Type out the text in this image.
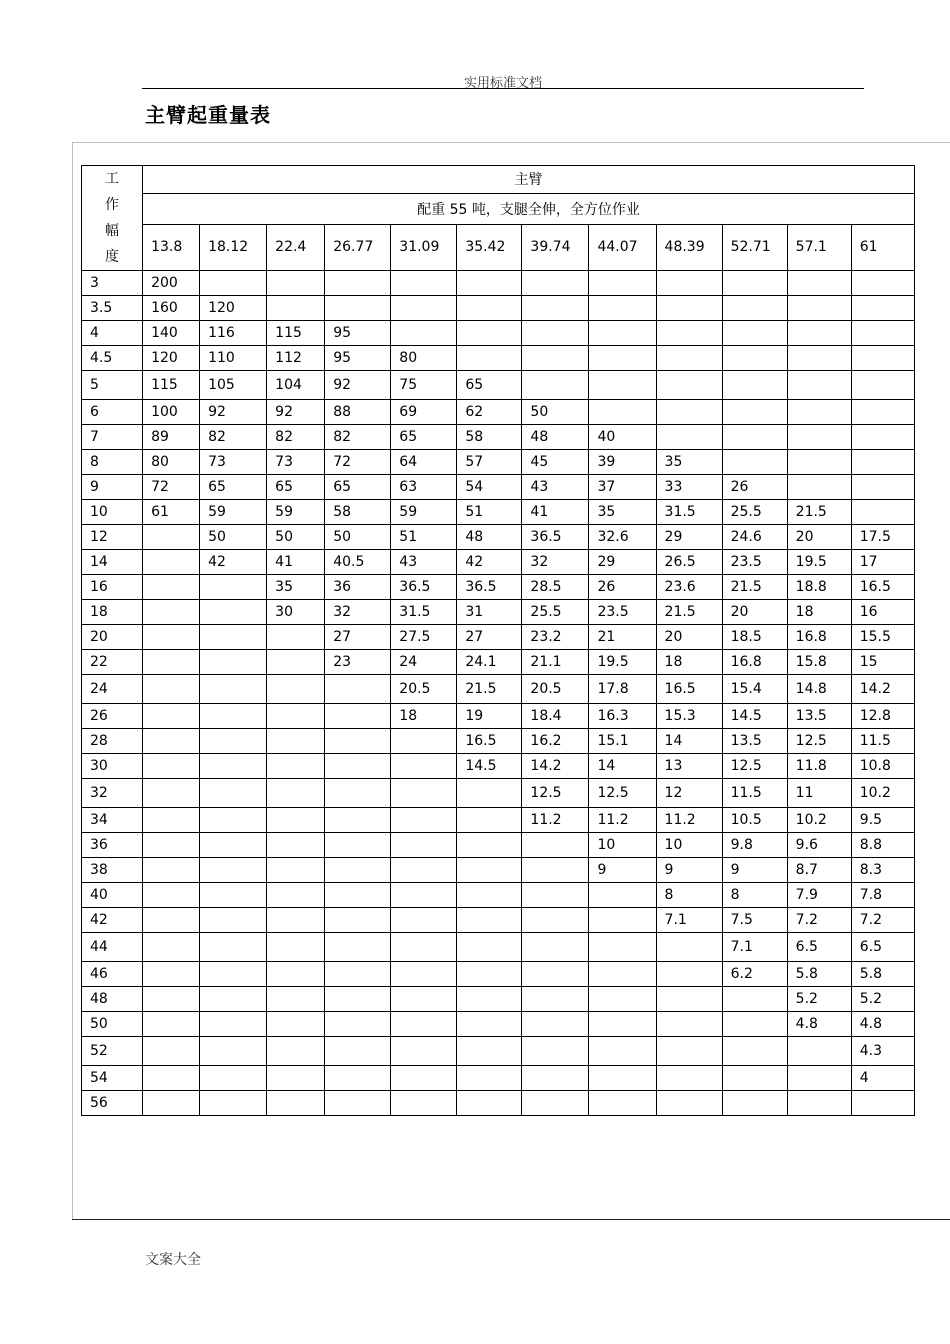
实用标准文档
主臂起重量表
工
作
幅
度	主臂											
	配重 55 吨，支腿全伸，全方位作业											
	13.8	18.12	22.4	26.77	31.09	35.42	39.74	44.07	48.39	52.71	57.1	61
3	200											
3.5	160	120										
4	140	116	115	95								
4.5	120	110	112	95	80							
5	115	105	104	92	75	65						
6	100	92	92	88	69	62	50					
7	89	82	82	82	65	58	48	40				
8	80	73	73	72	64	57	45	39	35			
9	72	65	65	65	63	54	43	37	33	26		
10	61	59	59	58	59	51	41	35	31.5	25.5	21.5	
12		50	50	50	51	48	36.5	32.6	29	24.6	20	17.5
14		42	41	40.5	43	42	32	29	26.5	23.5	19.5	17
16			35	36	36.5	36.5	28.5	26	23.6	21.5	18.8	16.5
18			30	32	31.5	31	25.5	23.5	21.5	20	18	16
20				27	27.5	27	23.2	21	20	18.5	16.8	15.5
22				23	24	24.1	21.1	19.5	18	16.8	15.8	15
24					20.5	21.5	20.5	17.8	16.5	15.4	14.8	14.2
26					18	19	18.4	16.3	15.3	14.5	13.5	12.8
28						16.5	16.2	15.1	14	13.5	12.5	11.5
30						14.5	14.2	14	13	12.5	11.8	10.8
32							12.5	12.5	12	11.5	11	10.2
34							11.2	11.2	11.2	10.5	10.2	9.5
36								10	10	9.8	9.6	8.8
38								9	9	9	8.7	8.3
40									8	8	7.9	7.8
42									7.1	7.5	7.2	7.2
44										7.1	6.5	6.5
46										6.2	5.8	5.8
48											5.2	5.2
50											4.8	4.8
52												4.3
54												4
56												
文案大全
